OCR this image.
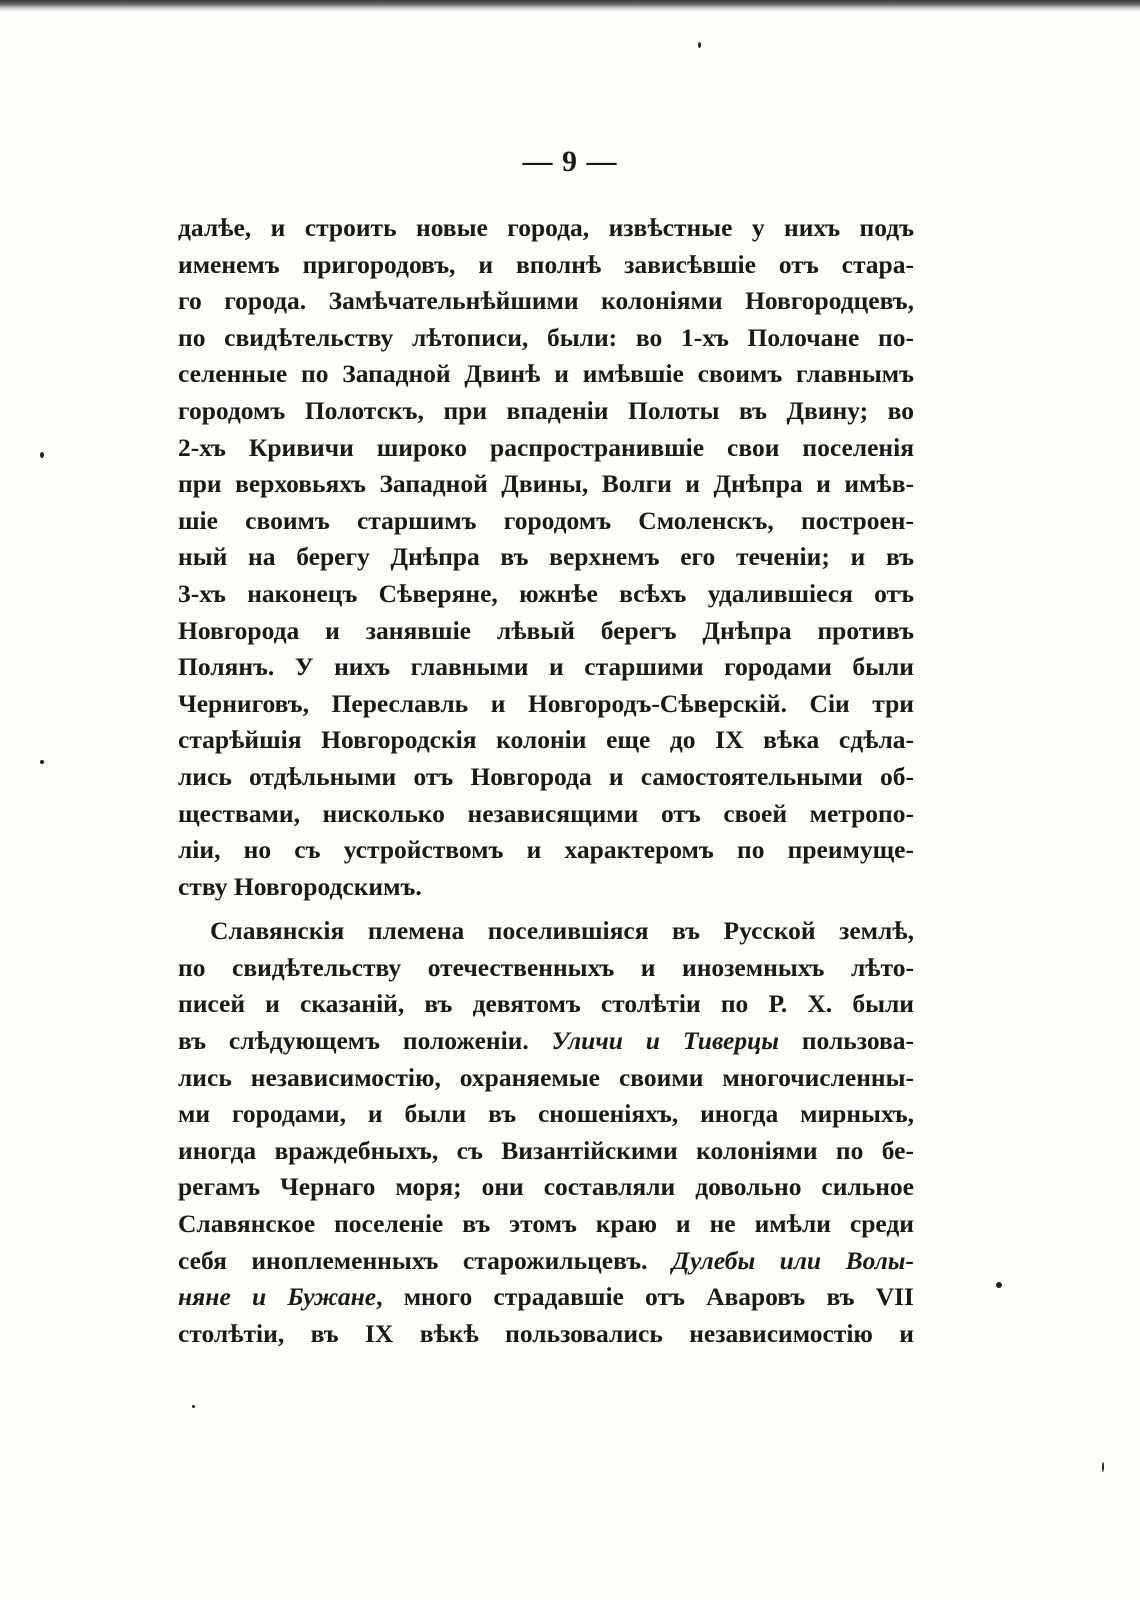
— 9 —
далѣе, и строить новые города, извѣстные у нихъ подъ
именемъ пригородовъ, и вполнѣ зависѣвшіе отъ стара-
го города. Замѣчательнѣйшими колоніями Новгородцевъ,
по свидѣтельству лѣтописи, были: во 1-хъ Полочане по-
селенные по Западной Двинѣ и имѣвшіе своимъ главнымъ
городомъ Полотскъ, при впаденіи Полоты въ Двину; во
2-хъ Кривичи широко распространившіе свои поселенія
при верховьяхъ Западной Двины, Волги и Днѣпра и имѣв-
шіе своимъ старшимъ городомъ Смоленскъ, построен-
ный на берегу Днѣпра въ верхнемъ его теченіи; и въ
3-хъ наконецъ Сѣверяне, южнѣе всѣхъ удалившіеся отъ
Новгорода и занявшіе лѣвый берегъ Днѣпра противъ
Полянъ. У нихъ главными и старшими городами были
Черниговъ, Переславль и Новгородъ-Сѣверскій. Сіи три
старѣйшія Новгородскія колоніи еще до IX вѣка сдѣла-
лись отдѣльными отъ Новгорода и самостоятельными об-
ществами, нисколько независящими отъ своей метропо-
ліи, но съ устройствомъ и характеромъ по преимуще-
ству Новгородскимъ.
Славянскія племена поселившіяся въ Русской землѣ,
по свидѣтельству отечественныхъ и иноземныхъ лѣто-
писей и сказаній, въ девятомъ столѣтіи по Р. Х. были
въ слѣдующемъ положеніи. Уличи и Тиверцы пользова-
лись независимостію, охраняемые своими многочисленны-
ми городами, и были въ сношеніяхъ, иногда мирныхъ,
иногда враждебныхъ, съ Византійскими колоніями по бе-
регамъ Чернаго моря; они составляли довольно сильное
Славянское поселеніе въ этомъ краю и не имѣли среди
себя иноплеменныхъ старожильцевъ. Дулебы или Волы-
няне и Бужане, много страдавшіе отъ Аваровъ въ VII
столѣтіи, въ IX вѣкѣ пользовались независимостію и
